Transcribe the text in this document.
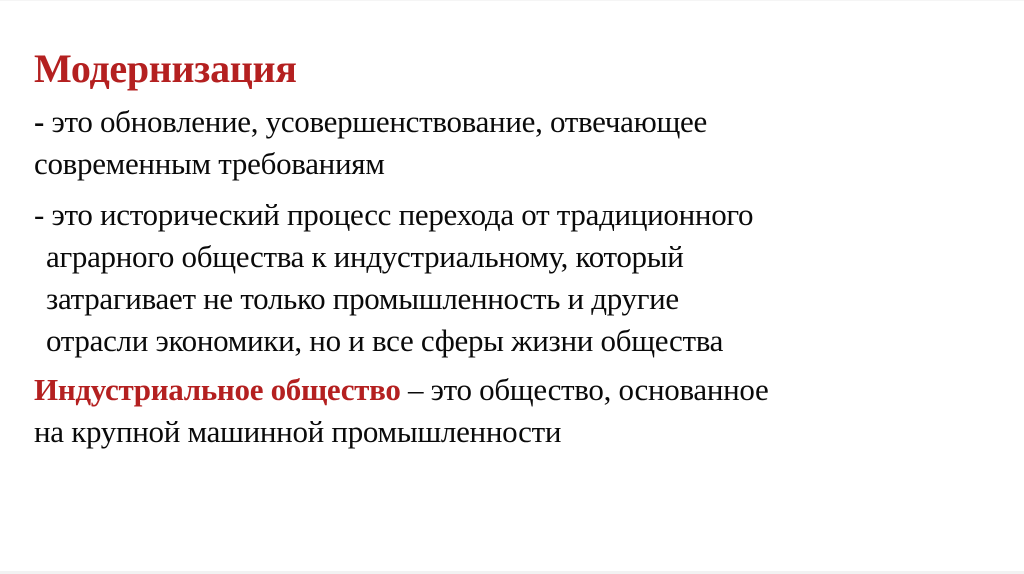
Модернизация

- это обновление, усовершенствование, отвечающее
современным требованиям

- это исторический процесс перехода от традиционного
аграрного общества к индустриальному, который
затрагивает не только промышленность и другие
отрасли экономики, но и все сферы жизни общества

Индустриальное общество – это общество, основанное
на крупной машинной промышленности
